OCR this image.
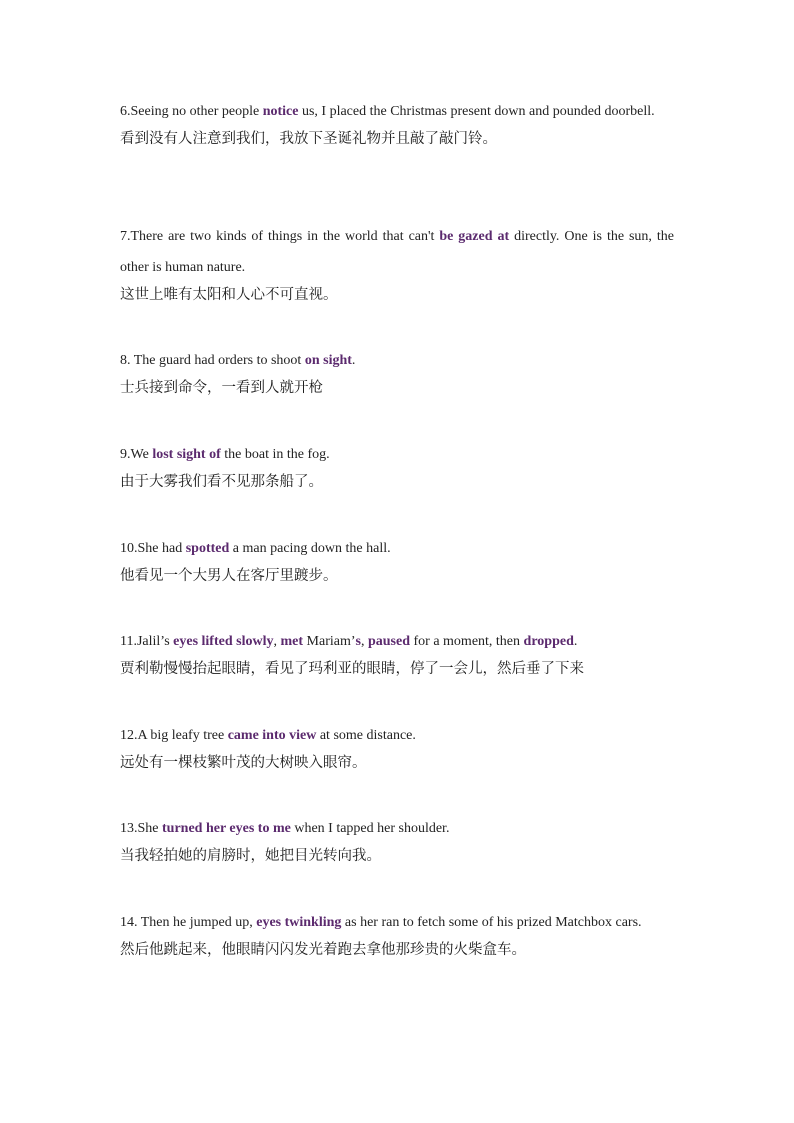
6.Seeing no other people notice us, I placed the Christmas present down and pounded doorbell.

看到没有人注意到我们，我放下圣诞礼物并且敲了敲门铃。

7.There are two kinds of things in the world that can't be gazed at directly. One is the sun, the other is human nature.

这世上唯有太阳和人心不可直视。

8. The guard had orders to shoot on sight.

士兵接到命令，一看到人就开枪

9.We lost sight of the boat in the fog.

由于大雾我们看不见那条船了。

10.She had spotted a man pacing down the hall.

他看见一个大男人在客厅里踱步。

11.Jalil’s eyes lifted slowly, met Mariam’s, paused for a moment, then dropped.

贾利勒慢慢抬起眼睛，看见了玛利亚的眼睛，停了一会儿，然后垂了下来

12.A big leafy tree came into view at some distance.

远处有一棵枝繁叶茂的大树映入眼帘。

13.She turned her eyes to me when I tapped her shoulder.

当我轻拍她的肩膀时，她把目光转向我。

14. Then he jumped up, eyes twinkling as her ran to fetch some of his prized Matchbox cars.

然后他跳起来，他眼睛闪闪发光着跑去拿他那珍贵的火柴盒车。
